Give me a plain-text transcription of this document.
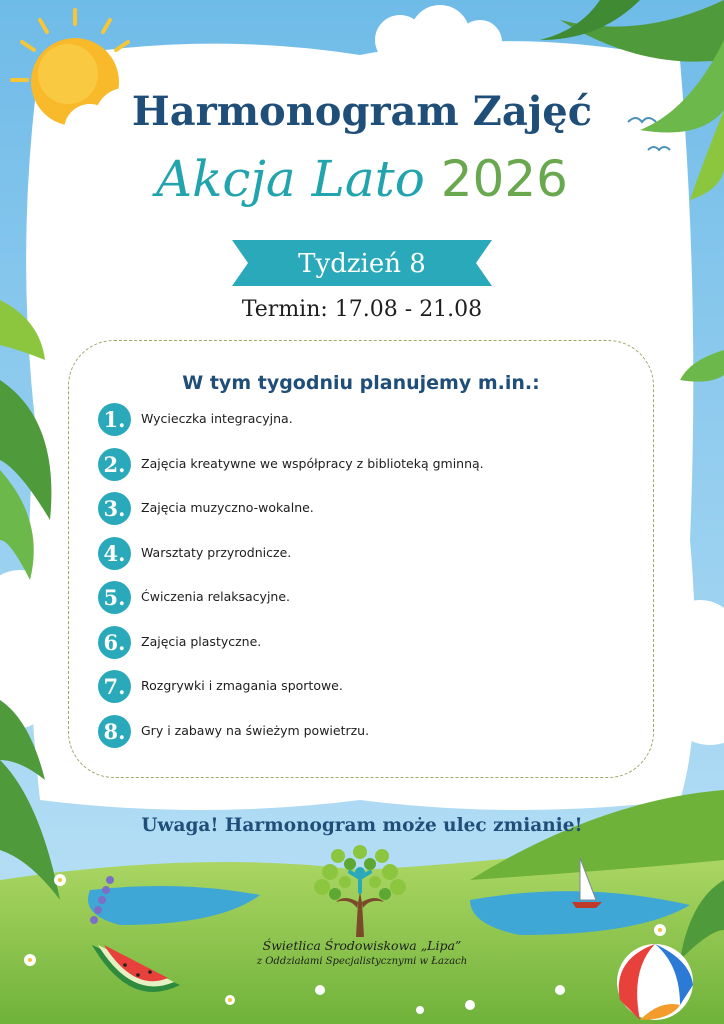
Harmonogram Zajęć
Akcja Lato 2026
Tydzień 8
Termin: 17.08 - 21.08
W tym tygodniu planujemy m.in.:
1.	Wycieczka integracyjna.
2.	Zajęcia kreatywne we współpracy z biblioteką gminną.
3.	Zajęcia muzyczno-wokalne.
4.	Warsztaty przyrodnicze.
5.	Ćwiczenia relaksacyjne.
6.	Zajęcia plastyczne.
7.	Rozgrywki i zmagania sportowe.
8.	Gry i zabawy na świeżym powietrzu.
Uwaga! Harmonogram może ulec zmianie!
Świetlica Środowiskowa „Lipa”
z Oddziałami Specjalistycznymi w Łazach
